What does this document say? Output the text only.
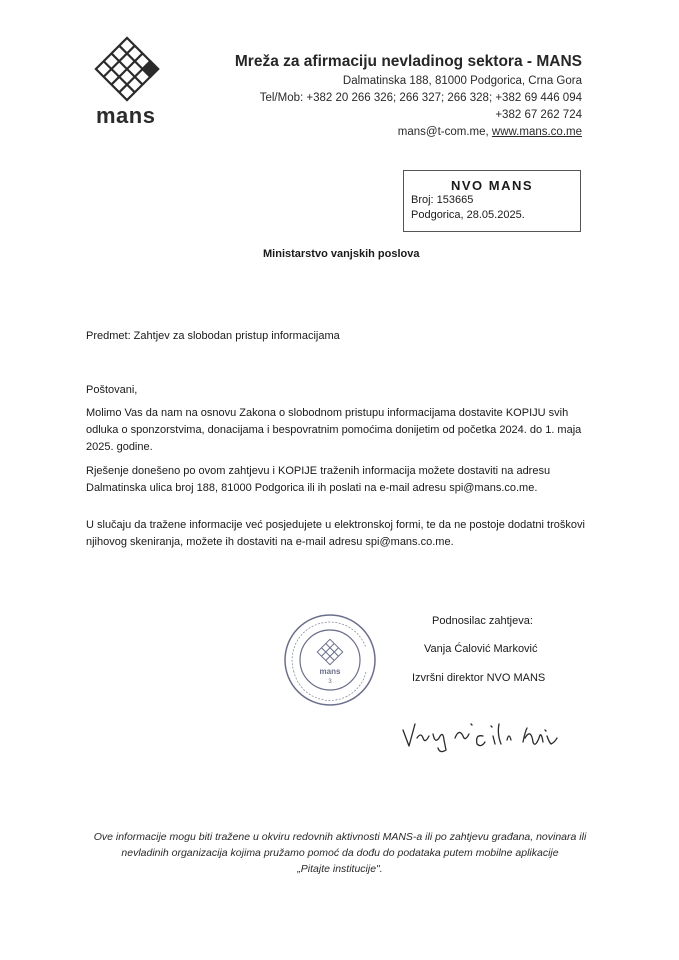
mans
Mreža za afirmaciju nevladinog sektora - MANS
Dalmatinska 188, 81000 Podgorica, Crna Gora
Tel/Mob: +382 20 266 326; 266 327; 266 328; +382 69 446 094
+382 67 262 724
mans@t-com.me, www.mans.co.me
NVO MANS
Broj: 153665
Podgorica, 28.05.2025.
Ministarstvo vanjskih poslova
Predmet: Zahtjev za slobodan pristup informacijama
Poštovani,
Molimo Vas da nam na osnovu Zakona o slobodnom pristupu informacijama dostavite KOPIJU svih odluka o sponzorstvima, donacijama i bespovratnim pomoćima donijetim od početka 2024. do 1. maja 2025. godine.
Rješenje donešeno po ovom zahtjevu i KOPIJE traženih informacija možete dostaviti na adresu Dalmatinska ulica broj 188, 81000 Podgorica ili ih poslati na e-mail adresu spi@mans.co.me.
U slučaju da tražene informacije već posjedujete u elektronskoj formi, te da ne postoje dodatni troškovi njihovog skeniranja, možete ih dostaviti na e-mail adresu spi@mans.co.me.
mans
3
Podnosilac zahtjeva:
Vanja Ćalović Marković
Izvršni direktor NVO MANS
Ove informacije mogu biti tražene u okviru redovnih aktivnosti MANS-a ili po zahtjevu građana, novinara ili
nevladinih organizacija kojima pružamo pomoć da dođu do podataka putem mobilne aplikacije
„Pitajte institucije".
